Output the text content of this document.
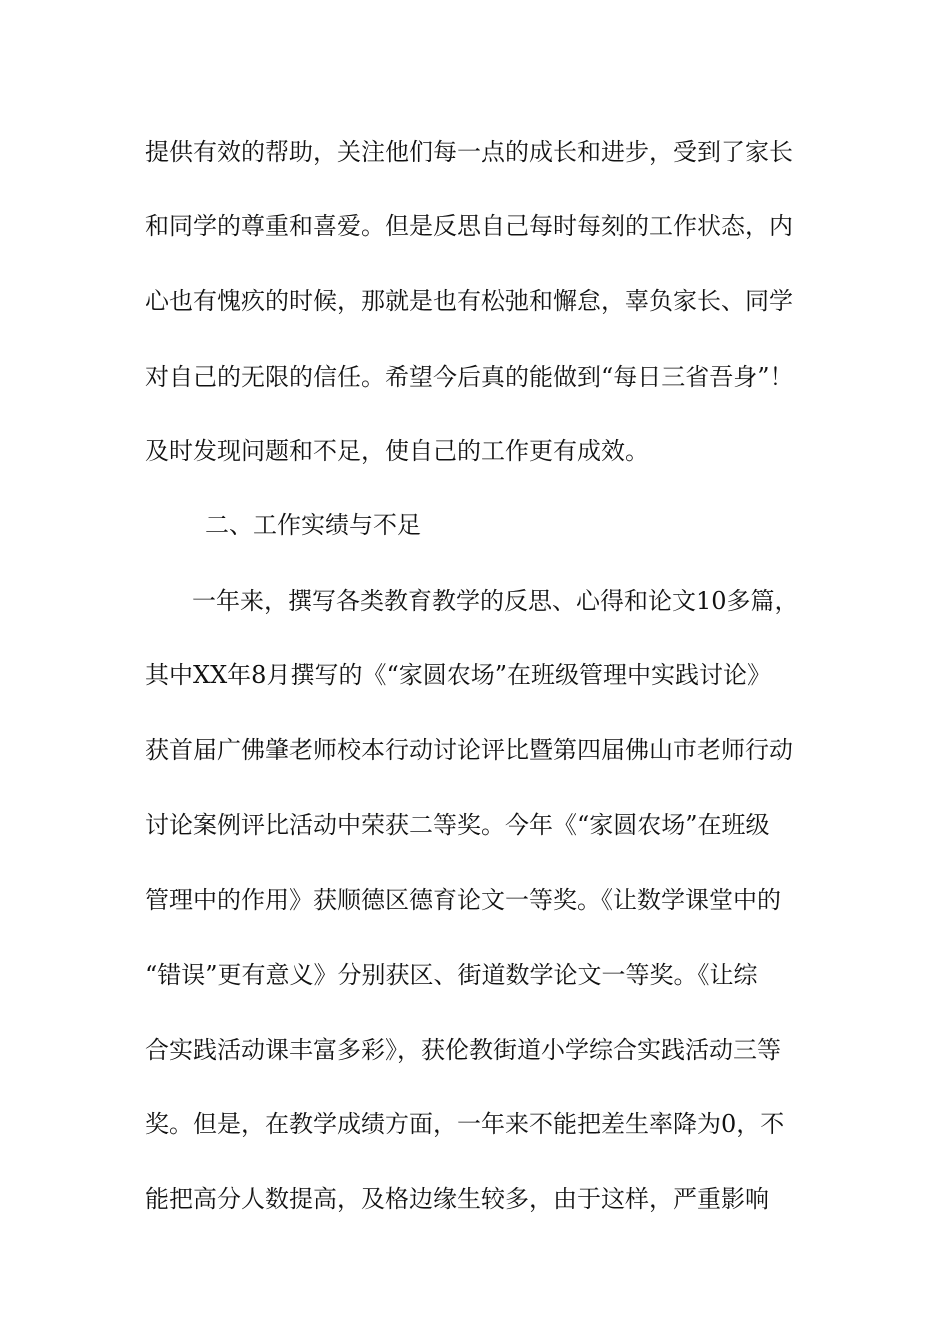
提供有效的帮助，关注他们每一点的成长和进步，受到了家长
和同学的尊重和喜爱。但是反思自己每时每刻的工作状态，内
心也有愧疚的时候，那就是也有松弛和懈怠，辜负家长、同学
对自己的无限的信任。希望今后真的能做到“每日三省吾身”！
及时发现问题和不足，使自己的工作更有成效。
二、工作实绩与不足
一年来，撰写各类教育教学的反思、心得和论文10多篇，
其中XX年8月撰写的《“家圆农场”在班级管理中实践讨论》
获首届广佛肇老师校本行动讨论评比暨第四届佛山市老师行动
讨论案例评比活动中荣获二等奖。今年《“家圆农场”在班级
管理中的作用》获顺德区德育论文一等奖。《让数学课堂中的
“错误”更有意义》分别获区、街道数学论文一等奖。《让综
合实践活动课丰富多彩》，获伦教街道小学综合实践活动三等
奖。但是，在教学成绩方面，一年来不能把差生率降为0，不
能把高分人数提高，及格边缘生较多，由于这样，严重影响
